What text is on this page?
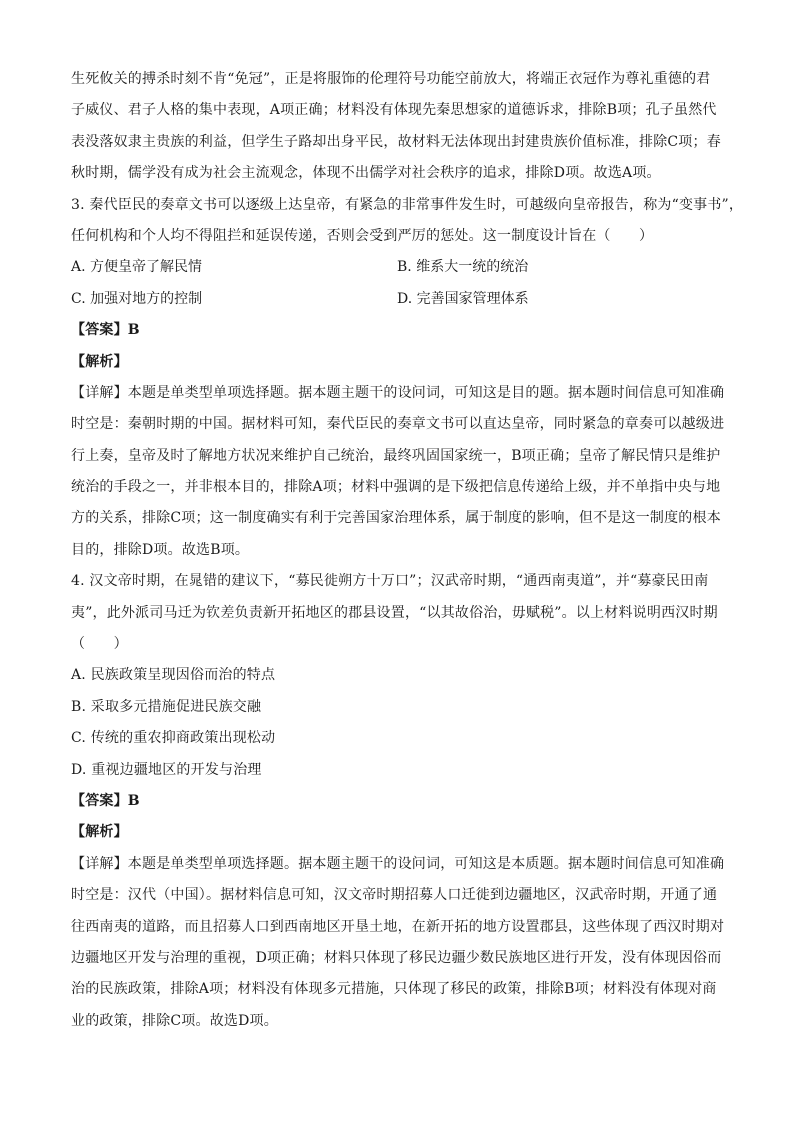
生死攸关的搏杀时刻不肯“免冠”，正是将服饰的伦理符号功能空前放大，将端正衣冠作为尊礼重德的君
子威仪、君子人格的集中表现，A项正确；材料没有体现先秦思想家的道德诉求，排除B项；孔子虽然代
表没落奴隶主贵族的利益，但学生子路却出身平民，故材料无法体现出封建贵族价值标准，排除C项；春
秋时期，儒学没有成为社会主流观念，体现不出儒学对社会秩序的追求，排除D项。故选A项。
3. 秦代臣民的奏章文书可以逐级上达皇帝，有紧急的非常事件发生时，可越级向皇帝报告，称为“变事书”，
任何机构和个人均不得阻拦和延误传递，否则会受到严厉的惩处。这一制度设计旨在（　　）
A. 方便皇帝了解民情	B. 维系大一统的统治
C. 加强对地方的控制	D. 完善国家管理体系
【答案】B
【解析】
【详解】本题是单类型单项选择题。据本题主题干的设问词，可知这是目的题。据本题时间信息可知准确
时空是：秦朝时期的中国。据材料可知，秦代臣民的奏章文书可以直达皇帝，同时紧急的章奏可以越级进
行上奏，皇帝及时了解地方状况来维护自己统治，最终巩固国家统一，B项正确；皇帝了解民情只是维护
统治的手段之一，并非根本目的，排除A项；材料中强调的是下级把信息传递给上级，并不单指中央与地
方的关系，排除C项；这一制度确实有利于完善国家治理体系，属于制度的影响，但不是这一制度的根本
目的，排除D项。故选B项。
4. 汉文帝时期，在晁错的建议下，“募民徙朔方十万口”；汉武帝时期，“通西南夷道”，并“募豪民田南
夷”，此外派司马迁为钦差负责新开拓地区的郡县设置，“以其故俗治，毋赋税”。以上材料说明西汉时期
（　　）
A. 民族政策呈现因俗而治的特点
B. 采取多元措施促进民族交融
C. 传统的重农抑商政策出现松动
D. 重视边疆地区的开发与治理
【答案】B
【解析】
【详解】本题是单类型单项选择题。据本题主题干的设问词，可知这是本质题。据本题时间信息可知准确
时空是：汉代（中国）。据材料信息可知，汉文帝时期招募人口迁徙到边疆地区，汉武帝时期，开通了通
往西南夷的道路，而且招募人口到西南地区开垦土地，在新开拓的地方设置郡县，这些体现了西汉时期对
边疆地区开发与治理的重视，D项正确；材料只体现了移民边疆少数民族地区进行开发，没有体现因俗而
治的民族政策，排除A项；材料没有体现多元措施，只体现了移民的政策，排除B项；材料没有体现对商
业的政策，排除C项。故选D项。
